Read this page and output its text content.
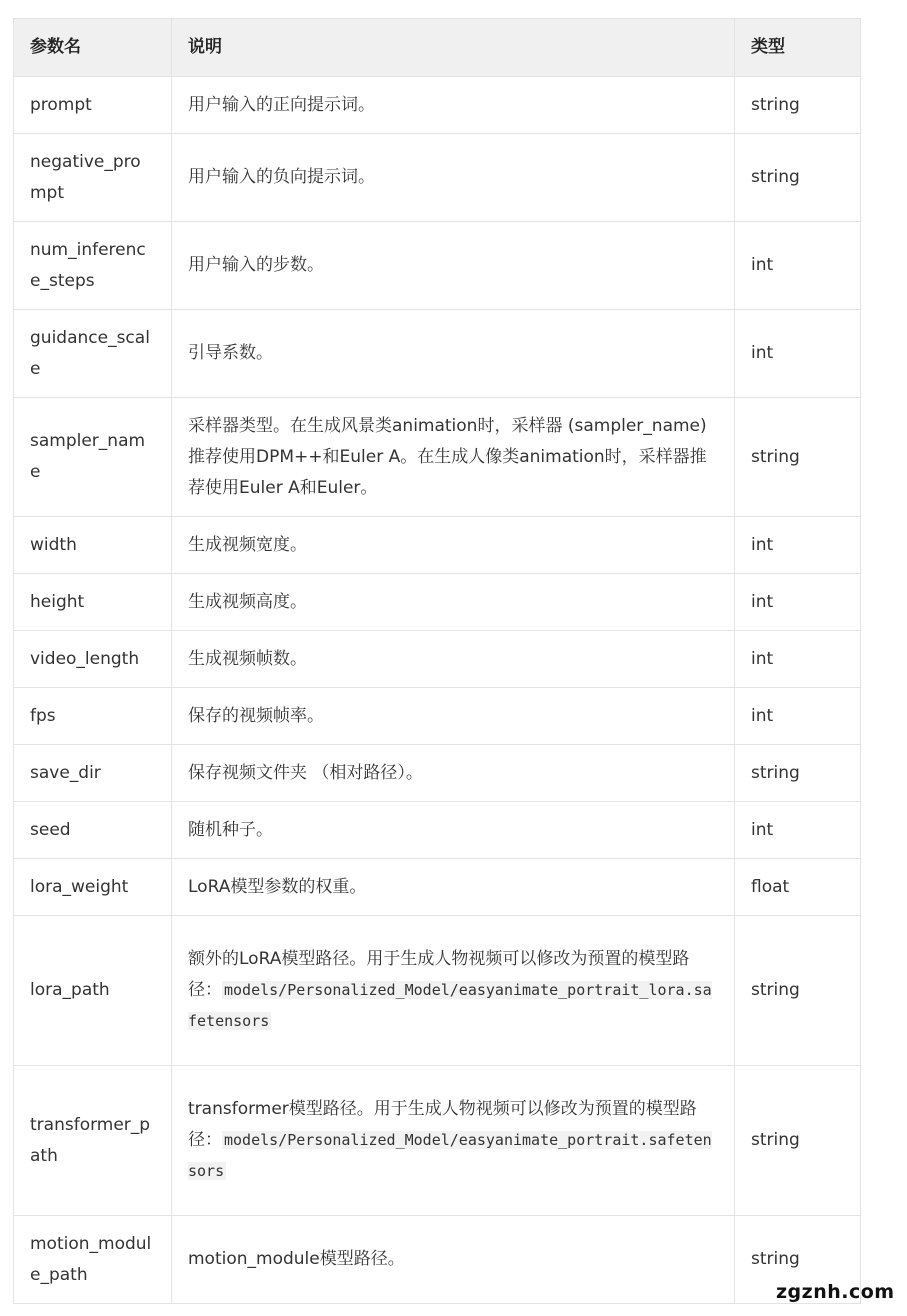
参数名	说明	类型
prompt	用户输入的正向提示词。	string
negative_prompt	用户输入的负向提示词。	string
num_inference_steps	用户输入的步数。	int
guidance_scale	引导系数。	int
sampler_name	采样器类型。在生成风景类animation时，采样器 (sampler_name) 推荐使用DPM++和Euler A。在生成人像类animation时，采样器推荐使用Euler A和Euler。	string
width	生成视频宽度。	int
height	生成视频高度。	int
video_length	生成视频帧数。	int
fps	保存的视频帧率。	int
save_dir	保存视频文件夹 （相对路径）。	string
seed	随机种子。	int
lora_weight	LoRA模型参数的权重。	float
lora_path	额外的LoRA模型路径。用于生成人物视频可以修改为预置的模型路径： models/Personalized_Model/easyanimate_portrait_lora.safetensors	string
transformer_path	transformer模型路径。用于生成人物视频可以修改为预置的模型路径： models/Personalized_Model/easyanimate_portrait.safetensors	string
motion_module_path	motion_module模型路径。	string
zgznh.com
